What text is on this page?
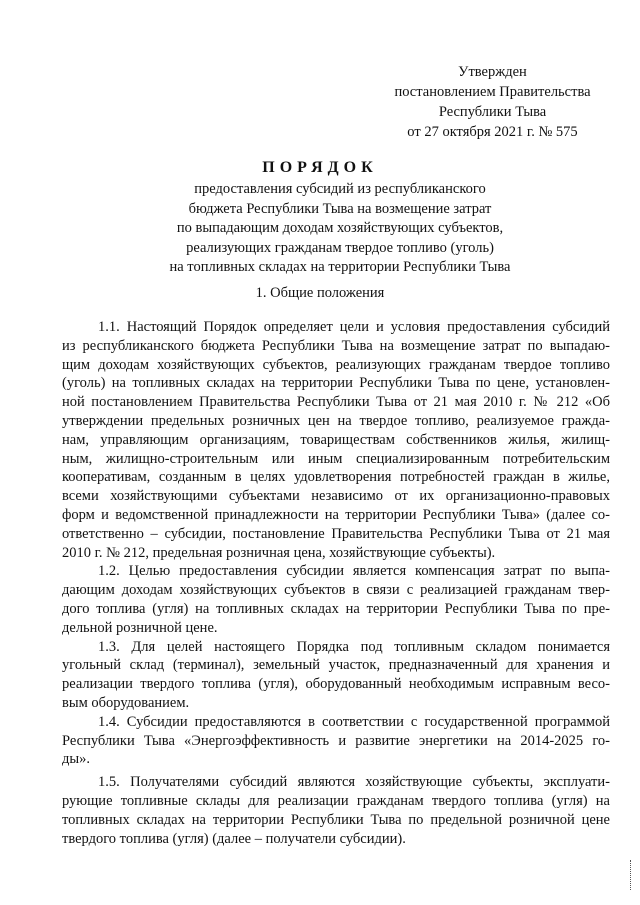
Утвержден
постановлением Правительства
Республики Тыва
от 27 октября 2021 г. № 575
ПОРЯДОК
предоставления субсидий из республиканского
бюджета Республики Тыва на возмещение затрат
по выпадающим доходам хозяйствующих субъектов,
реализующих гражданам твердое топливо (уголь)
на топливных складах на территории Республики Тыва
1. Общие положения
1.1. Настоящий Порядок определяет цели и условия предоставления субсидий
из республиканского бюджета Республики Тыва на возмещение затрат по выпадаю-
щим доходам хозяйствующих субъектов, реализующих гражданам твердое топливо
(уголь) на топливных складах на территории Республики Тыва по цене, установлен-
ной постановлением Правительства Республики Тыва от 21 мая 2010 г. № 212 «Об
утверждении предельных розничных цен на твердое топливо, реализуемое гражда-
нам, управляющим организациям, товариществам собственников жилья, жилищ-
ным, жилищно-строительным или иным специализированным потребительским
кооперативам, созданным в целях удовлетворения потребностей граждан в жилье,
всеми хозяйствующими субъектами независимо от их организационно-правовых
форм и ведомственной принадлежности на территории Республики Тыва» (далее со-
ответственно – субсидии, постановление Правительства Республики Тыва от 21 мая
2010 г. № 212, предельная розничная цена, хозяйствующие субъекты).
1.2. Целью предоставления субсидии является компенсация затрат по выпа-
дающим доходам хозяйствующих субъектов в связи с реализацией гражданам твер-
дого топлива (угля) на топливных складах на территории Республики Тыва по пре-
дельной розничной цене.
1.3. Для целей настоящего Порядка под топливным складом понимается
угольный склад (терминал), земельный участок, предназначенный для хранения и
реализации твердого топлива (угля), оборудованный необходимым исправным весо-
вым оборудованием.
1.4. Субсидии предоставляются в соответствии с государственной программой
Республики Тыва «Энергоэффективность и развитие энергетики на 2014-2025 го-
ды».
1.5. Получателями субсидий являются хозяйствующие субъекты, эксплуати-
рующие топливные склады для реализации гражданам твердого топлива (угля) на
топливных складах на территории Республики Тыва по предельной розничной цене
твердого топлива (угля) (далее – получатели субсидии).
